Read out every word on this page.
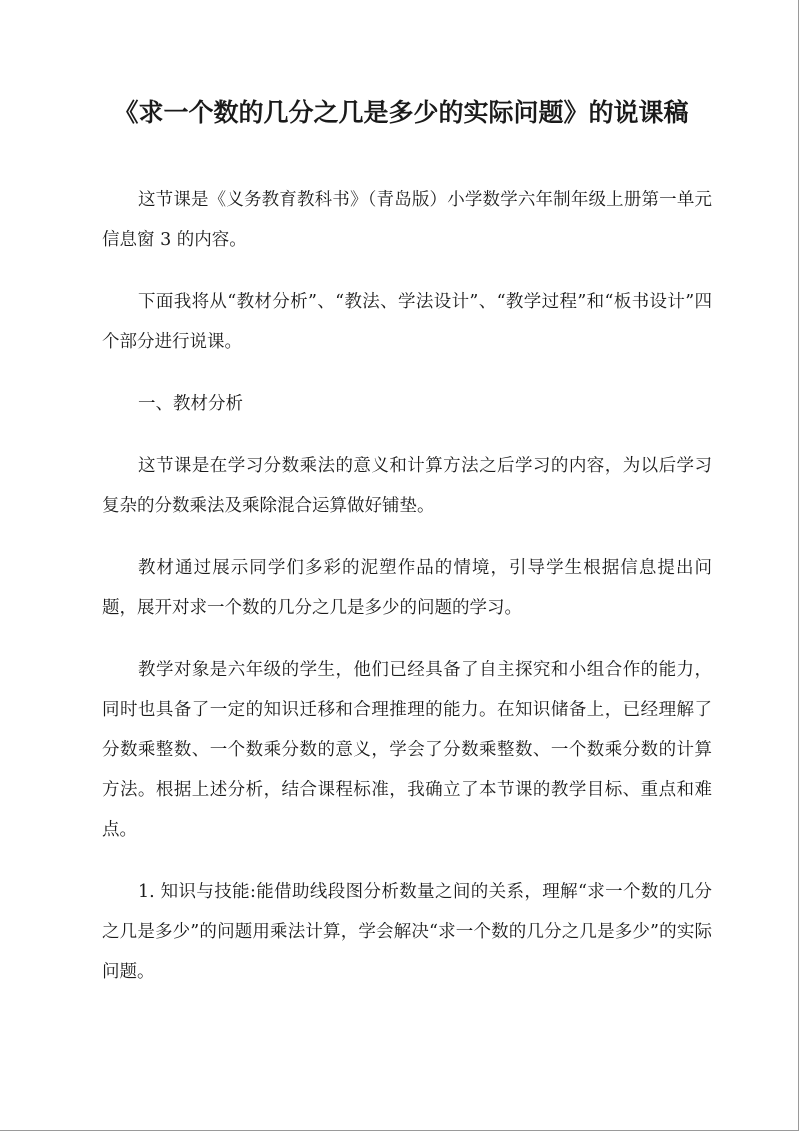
《求一个数的几分之几是多少的实际问题》的说课稿

这节课是《义务教育教科书》（青岛版）小学数学六年制年级上册第一单元信息窗 3 的内容。

下面我将从“教材分析”、“教法、学法设计”、“教学过程”和“板书设计”四个部分进行说课。

一、教材分析

这节课是在学习分数乘法的意义和计算方法之后学习的内容，为以后学习复杂的分数乘法及乘除混合运算做好铺垫。

教材通过展示同学们多彩的泥塑作品的情境，引导学生根据信息提出问题，展开对求一个数的几分之几是多少的问题的学习。

教学对象是六年级的学生，他们已经具备了自主探究和小组合作的能力，同时也具备了一定的知识迁移和合理推理的能力。在知识储备上，已经理解了分数乘整数、一个数乘分数的意义，学会了分数乘整数、一个数乘分数的计算方法。根据上述分析，结合课程标准，我确立了本节课的教学目标、重点和难点。

1. 知识与技能:能借助线段图分析数量之间的关系，理解“求一个数的几分之几是多少”的问题用乘法计算，学会解决“求一个数的几分之几是多少”的实际问题。
